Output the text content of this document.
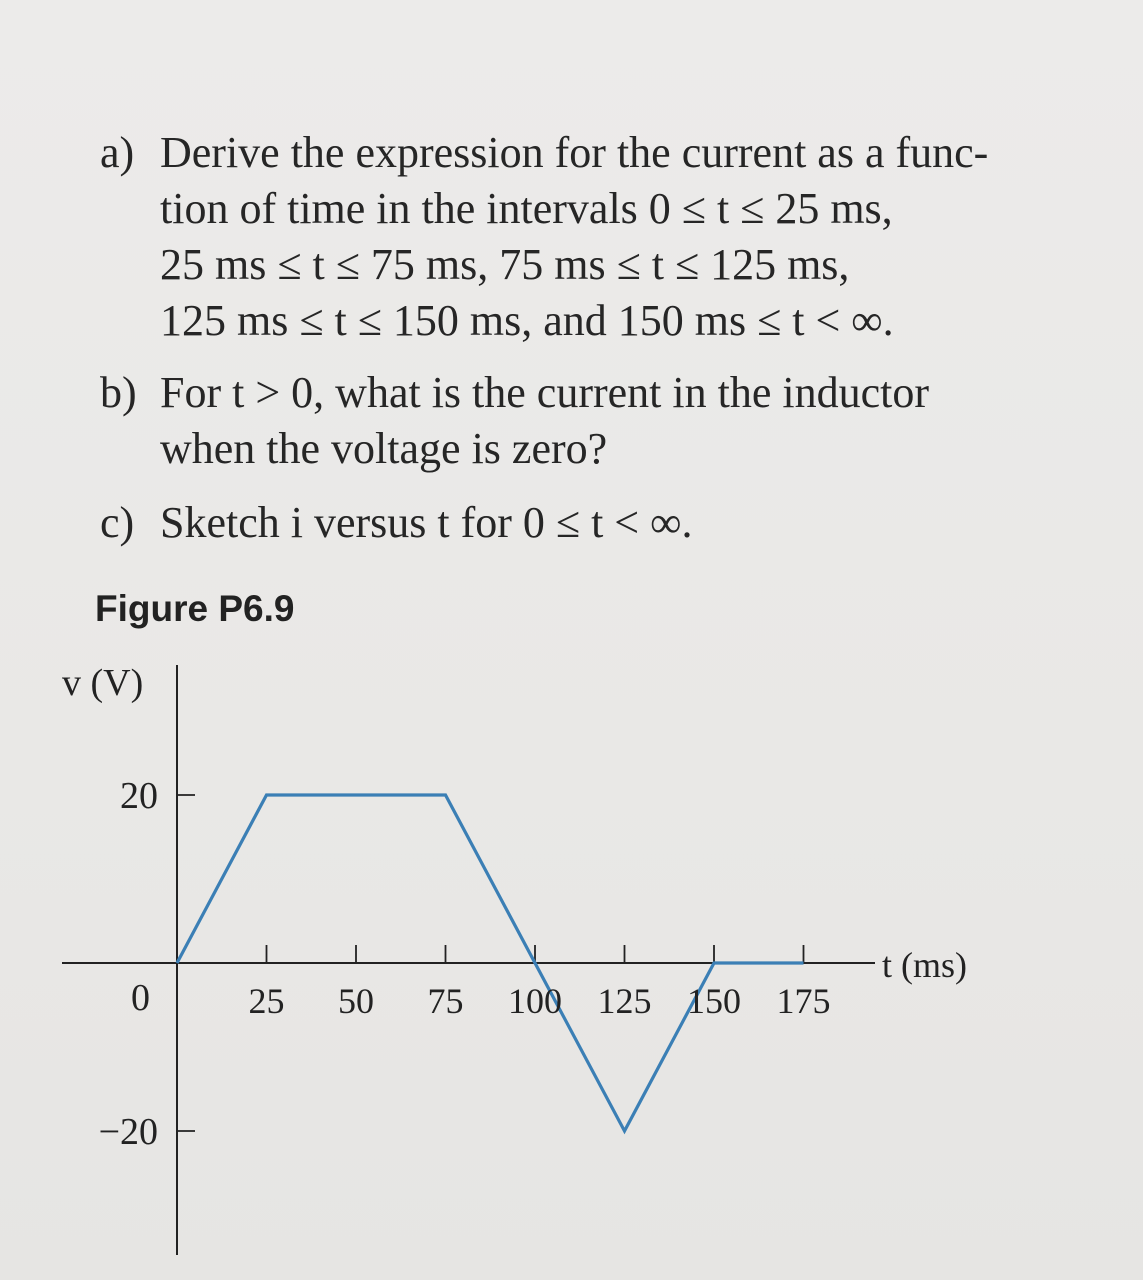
a) Derive the expression for the current as a func-
tion of time in the intervals 0 ≤ t ≤ 25 ms,
25 ms ≤ t ≤ 75 ms, 75 ms ≤ t ≤ 125 ms,
125 ms ≤ t ≤ 150 ms, and 150 ms ≤ t < ∞.
b) For t > 0, what is the current in the inductor
when the voltage is zero?
c) Sketch i versus t for 0 ≤ t < ∞.
Figure P6.9
25 50 75 100 125 150 175
20
0
−20
v (V)
t (ms)
